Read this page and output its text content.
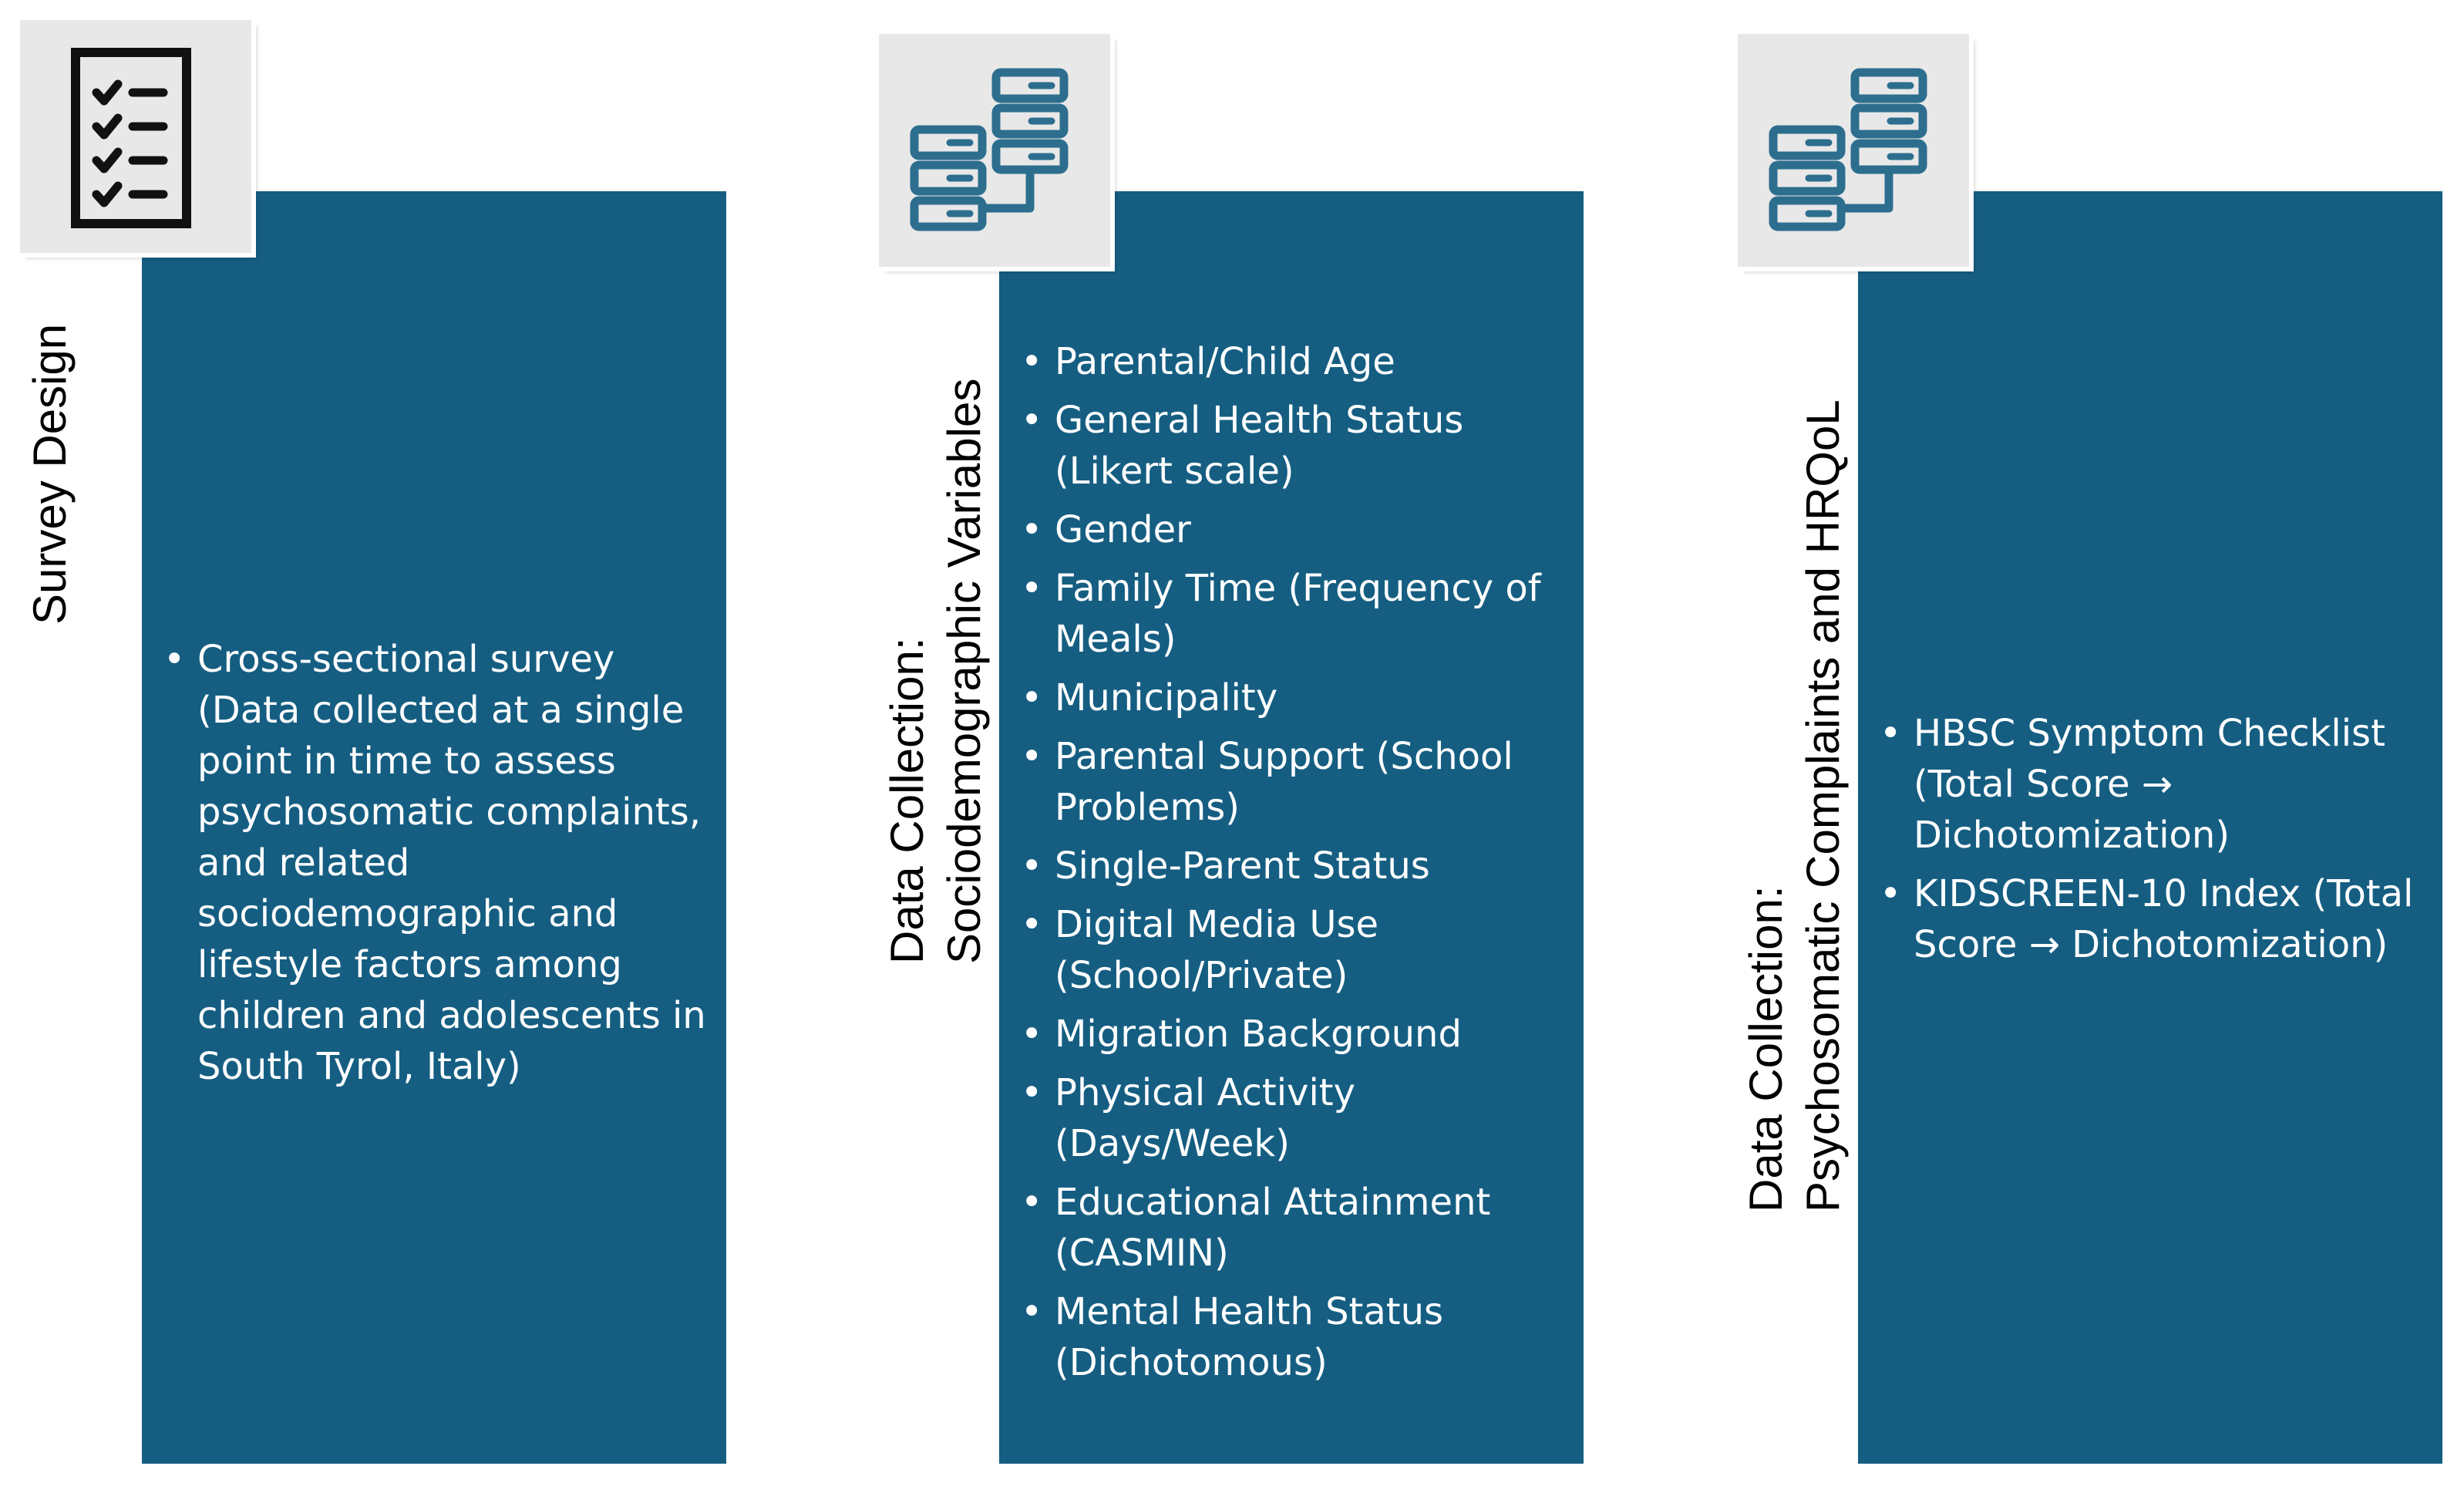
Survey Design
• Cross-sectional survey (Data collected at a single point in time to assess psychosomatic complaints, and related sociodemographic and lifestyle factors among children and adolescents in South Tyrol, Italy)
Data Collection: Sociodemographic Variables
• Parental/Child Age
• General Health Status (Likert scale)
• Gender
• Family Time (Frequency of Meals)
• Municipality
• Parental Support (School Problems)
• Single-Parent Status
• Digital Media Use (School/Private)
• Migration Background
• Physical Activity (Days/Week)
• Educational Attainment (CASMIN)
• Mental Health Status (Dichotomous)
Data Collection: Psychosomatic Complaints and HRQoL
•	HBSC Symptom Checklist (Total Score → Dichotomization)
• KIDSCREEN-10 Index (Total Score → Dichotomization)
